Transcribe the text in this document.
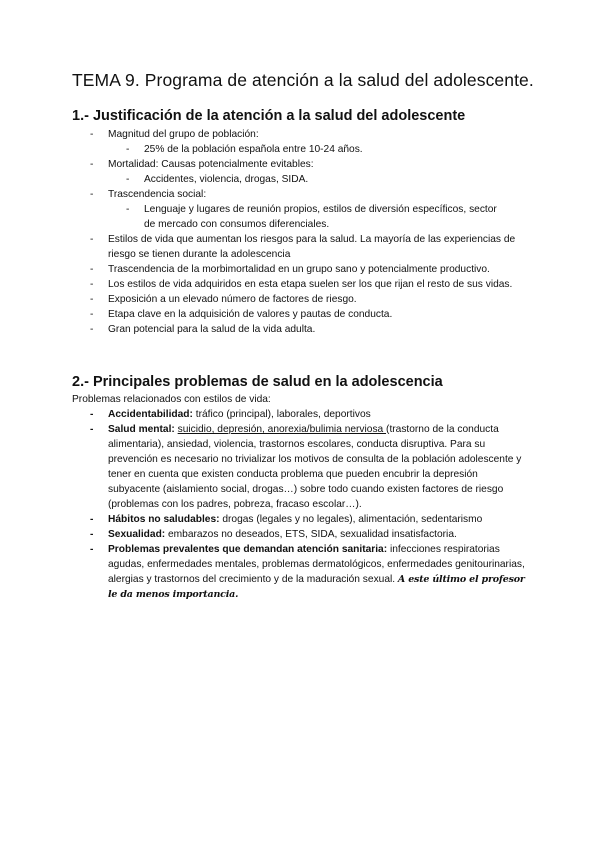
TEMA 9. Programa de atención a la salud del adolescente.
1.- Justificación de la atención a la salud del adolescente
- Magnitud del grupo de población:
- 25% de la población española entre 10-24 años.
- Mortalidad: Causas potencialmente evitables:
- Accidentes, violencia, drogas, SIDA.
- Trascendencia social:
- Lenguaje y lugares de reunión propios, estilos de diversión específicos, sector de mercado con consumos diferenciales.
- Estilos de vida que aumentan los riesgos para la salud. La mayoría de las experiencias de riesgo se tienen durante la adolescencia
- Trascendencia de la morbimortalidad en un grupo sano y potencialmente productivo.
- Los estilos de vida adquiridos en esta etapa suelen ser los que rijan el resto de sus vidas.
- Exposición a un elevado número de factores de riesgo.
- Etapa clave en la adquisición de valores y pautas de conducta.
- Gran potencial para la salud de la vida adulta.
2.- Principales problemas de salud en la adolescencia

Problemas relacionados con estilos de vida:

- Accidentabilidad: tráfico (principal), laborales, deportivos
- Salud mental: suicidio, depresión, anorexia/bulimia nerviosa (trastorno de la conducta alimentaria), ansiedad, violencia, trastornos escolares, conducta disruptiva. Para su prevención es necesario no trivializar los motivos de consulta de la población adolescente y tener en cuenta que existen conducta problema que pueden encubrir la depresión subyacente (aislamiento social, drogas…) sobre todo cuando existen factores de riesgo (problemas con los padres, pobreza, fracaso escolar…).
- Hábitos no saludables: drogas (legales y no legales), alimentación, sedentarismo
- Sexualidad: embarazos no deseados, ETS, SIDA, sexualidad insatisfactoria.
- Problemas prevalentes que demandan atención sanitaria: infecciones respiratorias agudas, enfermedades mentales, problemas dermatológicos, enfermedades genitourinarias, alergias y trastornos del crecimiento y de la maduración sexual. A este último el profesor le da menos importancia.
